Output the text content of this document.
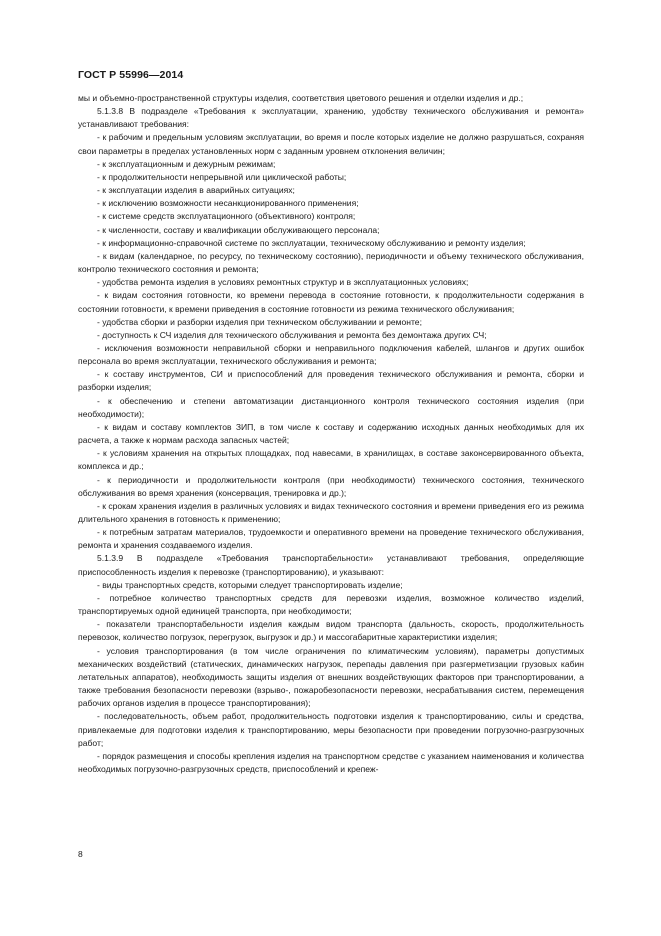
ГОСТ Р 55996—2014

мы и объемно-пространственной структуры изделия, соответствия цветового решения и отделки изделия и др.;

5.1.3.8 В подразделе «Требования к эксплуатации, хранению, удобству технического обслуживания и ремонта» устанавливают требования:

- к рабочим и предельным условиям эксплуатации, во время и после которых изделие не должно разрушаться, сохраняя свои параметры в пределах установленных норм с заданным уровнем отклонения величин;

- к эксплуатационным и дежурным режимам;

- к продолжительности непрерывной или циклической работы;

- к эксплуатации изделия в аварийных ситуациях;

- к исключению возможности несанкционированного применения;

- к системе средств эксплуатационного (объективного) контроля;

- к численности, составу и квалификации обслуживающего персонала;

- к информационно-справочной системе по эксплуатации, техническому обслуживанию и ремонту изделия;

- к видам (календарное, по ресурсу, по техническому состоянию), периодичности и объему технического обслуживания, контролю технического состояния и ремонта;

- удобства ремонта изделия в условиях ремонтных структур и в эксплуатационных условиях;

- к видам состояния готовности, ко времени перевода в состояние готовности, к продолжительности содержания в состоянии готовности, к времени приведения в состояние готовности из режима технического обслуживания;

- удобства сборки и разборки изделия при техническом обслуживании и ремонте;

- доступность к СЧ изделия для технического обслуживания и ремонта без демонтажа других СЧ;

- исключения возможности неправильной сборки и неправильного подключения кабелей, шлангов и других ошибок персонала во время эксплуатации, технического обслуживания и ремонта;

- к составу инструментов, СИ и приспособлений для проведения технического обслуживания и ремонта, сборки и разборки изделия;

- к обеспечению и степени автоматизации дистанционного контроля технического состояния изделия (при необходимости);

- к видам и составу комплектов ЗИП, в том числе к составу и содержанию исходных данных необходимых для их расчета, а также к нормам расхода запасных частей;

- к условиям хранения на открытых площадках, под навесами, в хранилищах, в составе законсервированного объекта, комплекса и др.;

- к периодичности и продолжительности контроля (при необходимости) технического состояния, технического обслуживания во время хранения (консервация, тренировка и др.);

- к срокам хранения изделия в различных условиях и видах технического состояния и времени приведения его из режима длительного хранения в готовность к применению;

- к потребным затратам материалов, трудоемкости и оперативного времени на проведение технического обслуживания, ремонта и хранения создаваемого изделия.

5.1.3.9 В подразделе «Требования транспортабельности» устанавливают требования, определяющие приспособленность изделия к перевозке (транспортированию), и указывают:

- виды транспортных средств, которыми следует транспортировать изделие;

- потребное количество транспортных средств для перевозки изделия, возможное количество изделий, транспортируемых одной единицей транспорта, при необходимости;

- показатели транспортабельности изделия каждым видом транспорта (дальность, скорость, продолжительность перевозок, количество погрузок, перегрузок, выгрузок и др.) и массогабаритные характеристики изделия;

- условия транспортирования (в том числе ограничения по климатическим условиям), параметры допустимых механических воздействий (статических, динамических нагрузок, перепады давления при разгерметизации грузовых кабин летательных аппаратов), необходимость защиты изделия от внешних воздействующих факторов при транспортировании, а также требования безопасности перевозки (взрыво-, пожаробезопасности перевозки, несрабатывания систем, перемещения рабочих органов изделия в процессе транспортирования);

- последовательность, объем работ, продолжительность подготовки изделия к транспортированию, силы и средства, привлекаемые для подготовки изделия к транспортированию, меры безопасности при проведении погрузочно-разгрузочных работ;

- порядок размещения и способы крепления изделия на транспортном средстве с указанием наименования и количества необходимых погрузочно-разгрузочных средств, приспособлений и крепеж-

8
